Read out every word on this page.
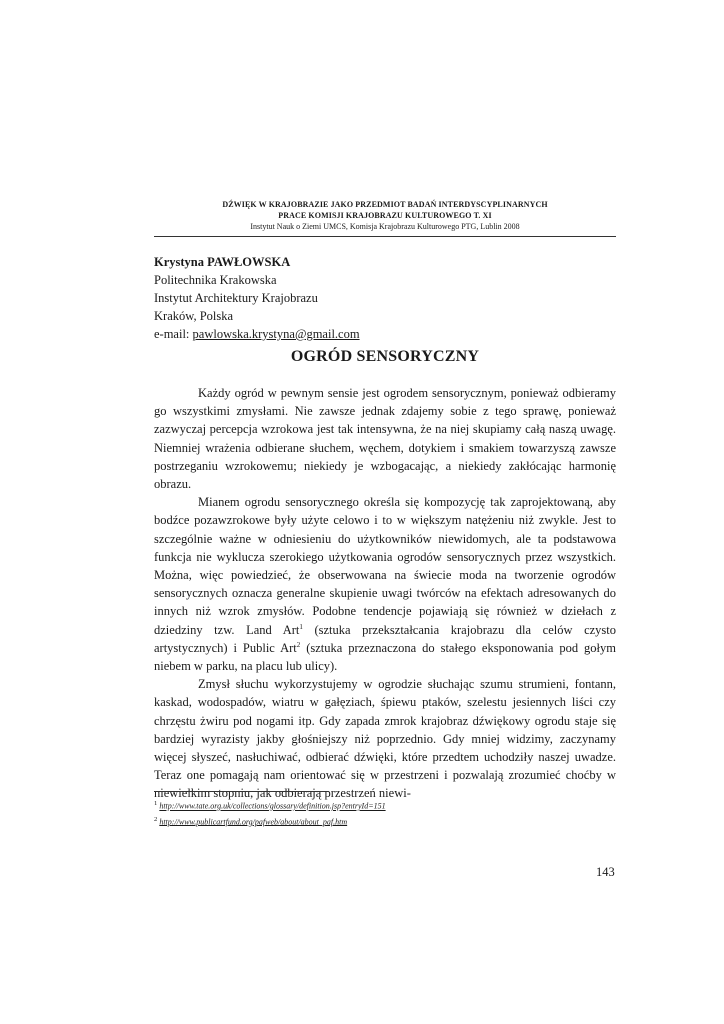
DŹWIĘK W KRAJOBRAZIE JAKO PRZEDMIOT BADAŃ INTERDYSCYPLINARNYCH
PRACE KOMISJI KRAJOBRAZU KULTUROWEGO T. XI
Instytut Nauk o Ziemi UMCS, Komisja Krajobrazu Kulturowego PTG, Lublin 2008
Krystyna PAWŁOWSKA
Politechnika Krakowska
Instytut Architektury Krajobrazu
Kraków, Polska
e-mail: pawlowska.krystyna@gmail.com
OGRÓD SENSORYCZNY

Każdy ogród w pewnym sensie jest ogrodem sensorycznym, ponieważ odbieramy go wszystkimi zmysłami. Nie zawsze jednak zdajemy sobie z tego sprawę, ponieważ zazwyczaj percepcja wzrokowa jest tak intensywna, że na niej skupiamy całą naszą uwagę. Niemniej wrażenia odbierane słuchem, węchem, dotykiem i smakiem towarzyszą zawsze postrzeganiu wzrokowemu; niekiedy je wzbogacając, a niekiedy zakłócając harmonię obrazu.

Mianem ogrodu sensorycznego określa się kompozycję tak zaprojektowaną, aby bodźce pozawzrokowe były użyte celowo i to w większym natężeniu niż zwykle. Jest to szczególnie ważne w odniesieniu do użytkowników niewidomych, ale ta podstawowa funkcja nie wyklucza szerokiego użytkowania ogrodów sensorycznych przez wszystkich. Można, więc powiedzieć, że obserwowana na świecie moda na tworzenie ogrodów sensorycznych oznacza generalne skupienie uwagi twórców na efektach adresowanych do innych niż wzrok zmysłów. Podobne tendencje pojawiają się również w dziełach z dziedziny tzw. Land Art$^1$ (sztuka przekształcania krajobrazu dla celów czysto artystycznych) i Public Art$^2$ (sztuka przeznaczona do stałego eksponowania pod gołym niebem w parku, na placu lub ulicy).

Zmysł słuchu wykorzystujemy w ogrodzie słuchając szumu strumieni, fontann, kaskad, wodospadów, wiatru w gałęziach, śpiewu ptaków, szelestu jesiennych liści czy chrzęstu żwiru pod nogami itp. Gdy zapada zmrok krajobraz dźwiękowy ogrodu staje się bardziej wyrazisty jakby głośniejszy niż poprzednio. Gdy mniej widzimy, zaczynamy więcej słyszeć, nasłuchiwać, odbierać dźwięki, które przedtem uchodziły naszej uwadze. Teraz one pomagają nam orientować się w przestrzeni i pozwalają zrozumieć choćby w niewielkim stopniu, jak odbierają przestrzeń niewi-

$^1$ http://www.tate.org.uk/collections/glossary/definition.jsp?entryId=151
$^2$ http://www.publicartfund.org/pafweb/about/about_paf.htm
143
